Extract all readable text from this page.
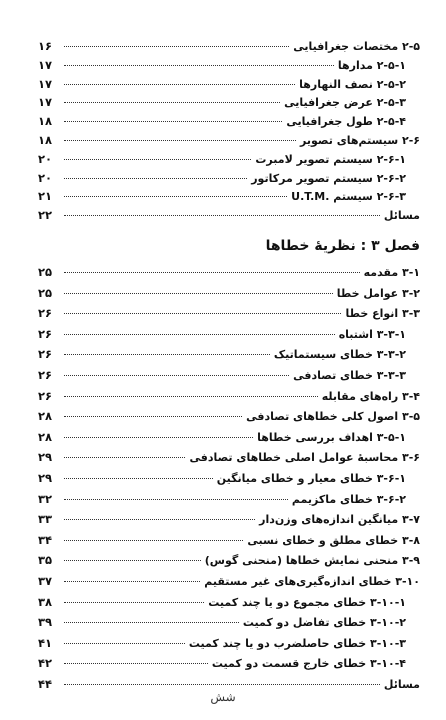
۲-۵ مختصات جغرافیایی
۱۶
۲-۵-۱ مدارها
۱۷
۲-۵-۲ نصف النهارها
۱۷
۲-۵-۳ عرض جغرافیایی
۱۷
۲-۵-۴ طول جغرافیایی
۱۸
۲-۶ سیستم‌های تصویر
۱۸
۲-۶-۱ سیستم تصویر لامبرت
۲۰
۲-۶-۲ سیستم تصویر مرکاتور
۲۰
۲-۶-۳ سیستم .U.T.M
۲۱
مسائل
۲۲
فصل ۳ : نظریهٔ خطاها
۳-۱ مقدمه
۲۵
۳-۲ عوامل خطا
۲۵
۳-۳ انواع خطا
۲۶
۳-۳-۱ اشتباه
۲۶
۳-۳-۲ خطای سیستماتیک
۲۶
۳-۳-۳ خطای تصادفی
۲۶
۳-۴ راه‌های مقابله
۲۶
۳-۵ اصول کلی خطاهای تصادفی
۲۸
۳-۵-۱ اهداف بررسی خطاها
۲۸
۳-۶ محاسبهٔ عوامل اصلی خطاهای تصادفی
۲۹
۳-۶-۱ خطای معیار و خطای میانگین
۲۹
۳-۶-۲ خطای ماکزیمم
۳۲
۳-۷ میانگین اندازه‌های وزن‌دار
۳۳
۳-۸ خطای مطلق و خطای نسبی
۳۴
۳-۹ منحنی نمایش خطاها (منحنی گوس)
۳۵
۳-۱۰ خطای اندازه‌گیری‌های غیر مستقیم
۳۷
۳-۱۰-۱ خطای مجموع دو یا چند کمیت
۳۸
۳-۱۰-۲ خطای تفاضل دو کمیت
۳۹
۳-۱۰-۳ خطای حاصلضرب دو یا چند کمیت
۴۱
۳-۱۰-۴ خطای خارج قسمت دو کمیت
۴۲
مسائل
۴۴
شش
